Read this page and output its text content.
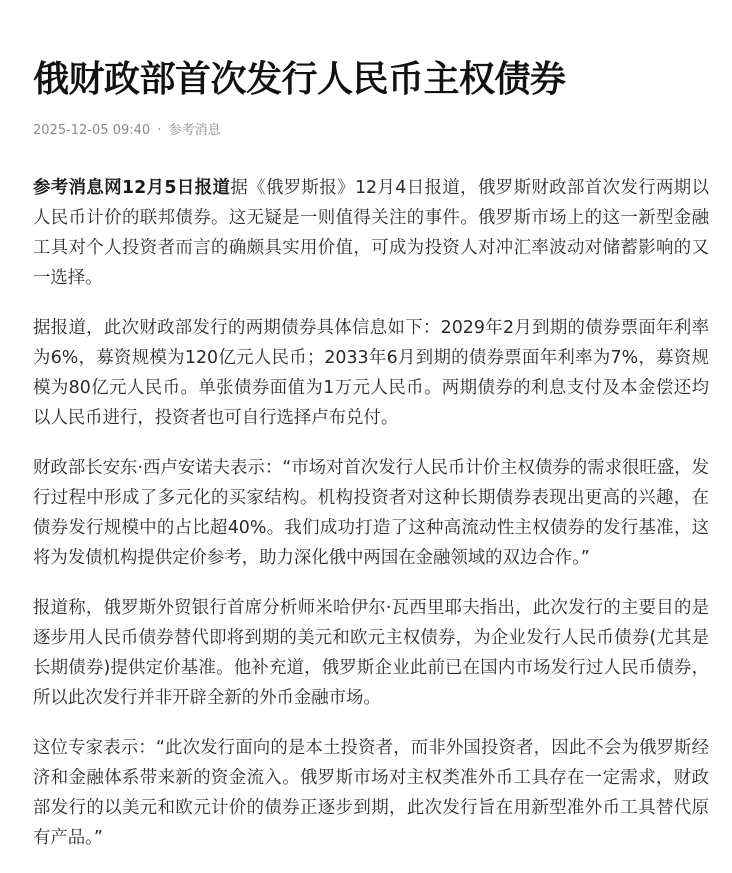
俄财政部首次发行人民币主权债券
2025-12-05 09:40 · 参考消息

参考消息网12月5日报道据《俄罗斯报》12月4日报道，俄罗斯财政部首次发行两期以人民币计价的联邦债券。这无疑是一则值得关注的事件。俄罗斯市场上的这一新型金融工具对个人投资者而言的确颇具实用价值，可成为投资人对冲汇率波动对储蓄影响的又一选择。

据报道，此次财政部发行的两期债券具体信息如下：2029年2月到期的债券票面年利率为6%，募资规模为120亿元人民币；2033年6月到期的债券票面年利率为7%，募资规模为80亿元人民币。单张债券面值为1万元人民币。两期债券的利息支付及本金偿还均以人民币进行，投资者也可自行选择卢布兑付。

财政部长安东·西卢安诺夫表示：“市场对首次发行人民币计价主权债券的需求很旺盛，发行过程中形成了多元化的买家结构。机构投资者对这种长期债券表现出更高的兴趣，在债券发行规模中的占比超40%。我们成功打造了这种高流动性主权债券的发行基准，这将为发债机构提供定价参考，助力深化俄中两国在金融领域的双边合作。”

报道称，俄罗斯外贸银行首席分析师米哈伊尔·瓦西里耶夫指出，此次发行的主要目的是逐步用人民币债券替代即将到期的美元和欧元主权债券，为企业发行人民币债券(尤其是长期债券)提供定价基准。他补充道，俄罗斯企业此前已在国内市场发行过人民币债券，所以此次发行并非开辟全新的外币金融市场。

这位专家表示：“此次发行面向的是本土投资者，而非外国投资者，因此不会为俄罗斯经济和金融体系带来新的资金流入。俄罗斯市场对主权类准外币工具存在一定需求，财政部发行的以美元和欧元计价的债券正逐步到期，此次发行旨在用新型准外币工具替代原有产品。”
